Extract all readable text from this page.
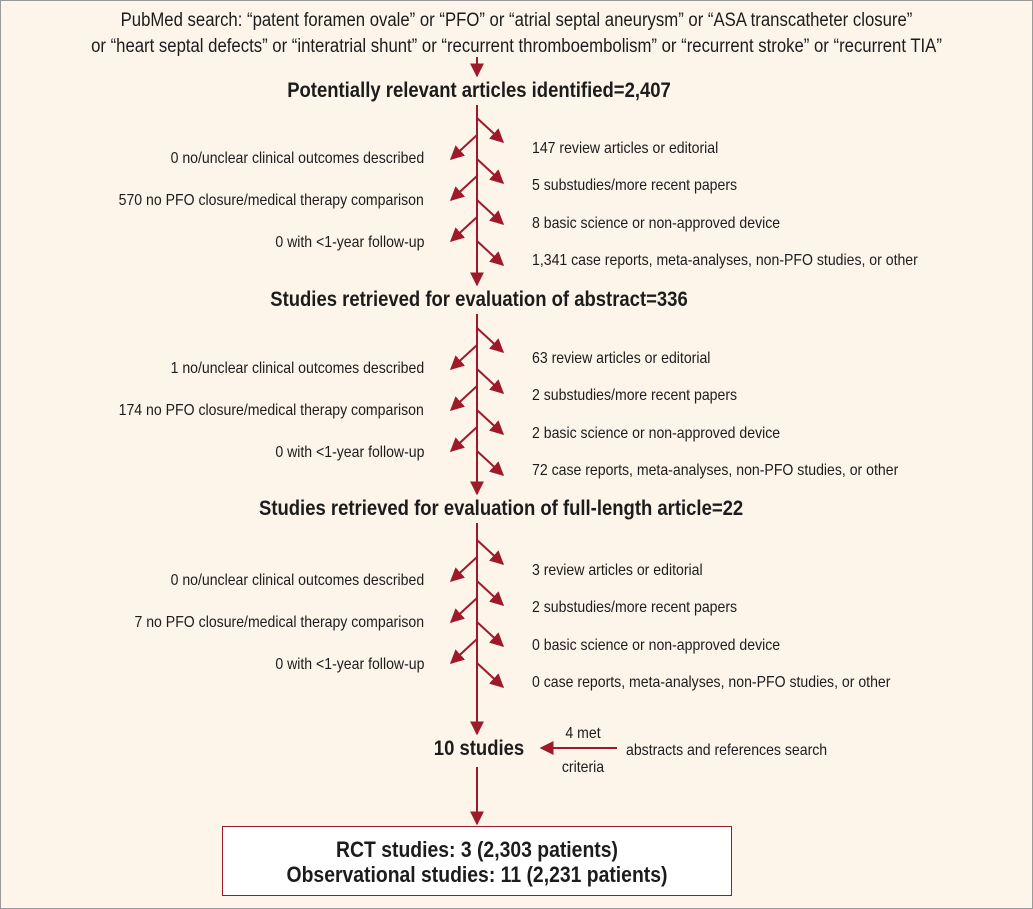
PubMed search: “patent foramen ovale” or “PFO” or “atrial septal aneurysm” or “ASA transcatheter closure”
or “heart septal defects” or “interatrial shunt” or “recurrent thromboembolism” or “recurrent stroke” or “recurrent TIA”
Potentially relevant articles identified=2,407
0 no/unclear clinical outcomes described
570 no PFO closure/medical therapy comparison
0 with <1-year follow-up
147 review articles or editorial
5 substudies/more recent papers
8 basic science or non-approved device
1,341 case reports, meta-analyses, non-PFO studies, or other
Studies retrieved for evaluation of abstract=336
1 no/unclear clinical outcomes described
174 no PFO closure/medical therapy comparison
0 with <1-year follow-up
63 review articles or editorial
2 substudies/more recent papers
2 basic science or non-approved device
72 case reports, meta-analyses, non-PFO studies, or other
Studies retrieved for evaluation of full-length article=22
0 no/unclear clinical outcomes described
7 no PFO closure/medical therapy comparison
0 with <1-year follow-up
3 review articles or editorial
2 substudies/more recent papers
0 basic science or non-approved device
0 case reports, meta-analyses, non-PFO studies, or other
10 studies
4 met
criteria
abstracts and references search
RCT studies: 3 (2,303 patients)
Observational studies: 11 (2,231 patients)
